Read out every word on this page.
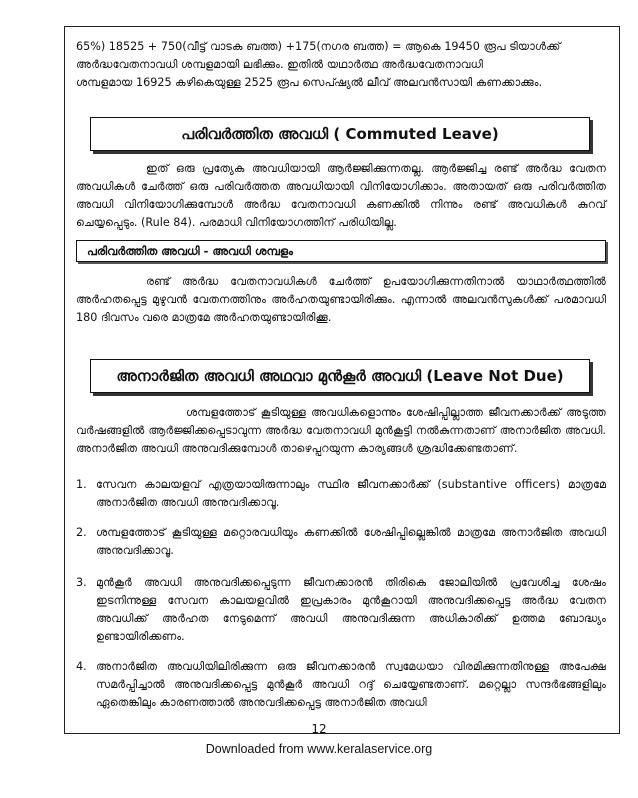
65%) 18525 + 750(വീട്ട് വാടക ബത്ത) +175(നഗര ബത്ത) = ആകെ 19450 രൂപ ടിയാൾക്ക്
അർദ്ധവേതനാവധി ശമ്പളമായി ലഭിക്കും. ഇതിൽ യഥാർത്ഥ അർദ്ധവേതനാവധി
ശമ്പളമായ 16925 കഴികെയുള്ള 2525 രൂപ സെപ്ഷ്യൽ ലീവ് അലവൻസായി കണക്കാക്കും.

പരിവർത്തിത അവധി ( Commuted Leave)

ഇത് ഒരു പ്രത്യേക അവധിയായി ആർജ്ജിക്കുന്നതല്ല. ആർജ്ജിച്ച രണ്ട് അർദ്ധ വേതന അവധികൾ ചേർത്ത് ഒരു പരിവർത്തത അവധിയായി വിനിയോഗിക്കാം. അതായത് ഒരു പരിവർത്തിത അവധി വിനിയോഗിക്കുമ്പോൾ അർദ്ധ വേതനാവധി കണക്കിൽ നിന്നും രണ്ട് അവധികൾ കുറവ് ചെയ്യപ്പെടും. (Rule 84). പരമാധി വിനിയോഗത്തിന് പരിധിയില്ല.

പരിവർത്തിത അവധി - അവധി ശമ്പളം

രണ്ട് അർദ്ധ വേതനാവധികൾ ചേർത്ത് ഉപയോഗിക്കുന്നതിനാൽ യാഥാർത്ഥത്തിൽ അർഹതപ്പെട്ട മുഴുവൻ വേതനത്തിനും അർഹതയുണ്ടായിരിക്കും. എന്നാൽ അലവൻസുകൾക്ക് പരമാവധി 180 ദിവസം വരെ മാത്രമേ അർഹതയുണ്ടായിരിക്കൂ.

അനാർജിത അവധി അഥവാ മുൻകൂർ അവധി (Leave Not Due)

ശമ്പളത്തോട് കൂടിയുള്ള അവധികളൊന്നും ശേഷിപ്പില്ലാത്ത ജീവനക്കാർക്ക് അടുത്ത വർഷങ്ങളിൽ ആർജ്ജിക്കപ്പെടാവുന്ന അർദ്ധ വേതനാവധി മുൻകൂട്ടി നൽകുന്നതാണ് അനാർജിത അവധി. അനാർജിത അവധി അനുവദിക്കുമ്പോൾ താഴെപ്പറയുന്ന കാര്യങ്ങൾ ശ്രദ്ധിക്കേണ്ടതാണ്.

1. സേവന കാലയളവ് എത്രയായിരുന്നാലും സ്ഥിര ജീവനക്കാർക്ക് (substantive officers) മാത്രമേ അനാർജിത അവധി അനുവദിക്കാവൂ.
2. ശമ്പളത്തോട് കൂടിയുള്ള മറ്റൊരവധിയും കണക്കിൽ ശേഷിപ്പില്ലെങ്കിൽ മാത്രമേ അനാർജിത അവധി അനുവദിക്കാവൂ.
3. മുൻകൂർ അവധി അനുവദിക്കപ്പെടുന്ന ജീവനക്കാരൻ തിരികെ ജോലിയിൽ പ്രവേശിച്ച ശേഷം ഇടനിന്നുള്ള സേവന കാലയളവിൽ ഇപ്രകാരം മുൻകൂറായി അനുവദിക്കപ്പെട്ട അർദ്ധ വേതന അവധിക്ക് അർഹത നേടുമെന്ന് അവധി അനുവദിക്കുന്ന അധികാരിക്ക് ഉത്തമ ബോദ്ധ്യം ഉണ്ടായിരിക്കണം.
4. അനാർജിത അവധിയിലിരിക്കുന്ന ഒരു ജീവനക്കാരൻ സ്വമേധയാ വിരമിക്കുന്നതിനുള്ള അപേക്ഷ സമർപ്പിച്ചാൽ അനുവദിക്കപ്പെട്ട മുൻകൂർ അവധി റദ്ദ് ചെയ്യേണ്ടതാണ്. മറ്റെല്ലാ സന്ദർഭങ്ങളിലും ഏതെങ്കിലും കാരണത്താൽ അനുവദിക്കപ്പെട്ട അനാർജിത അവധി
12
Downloaded from www.keralaservice.org
